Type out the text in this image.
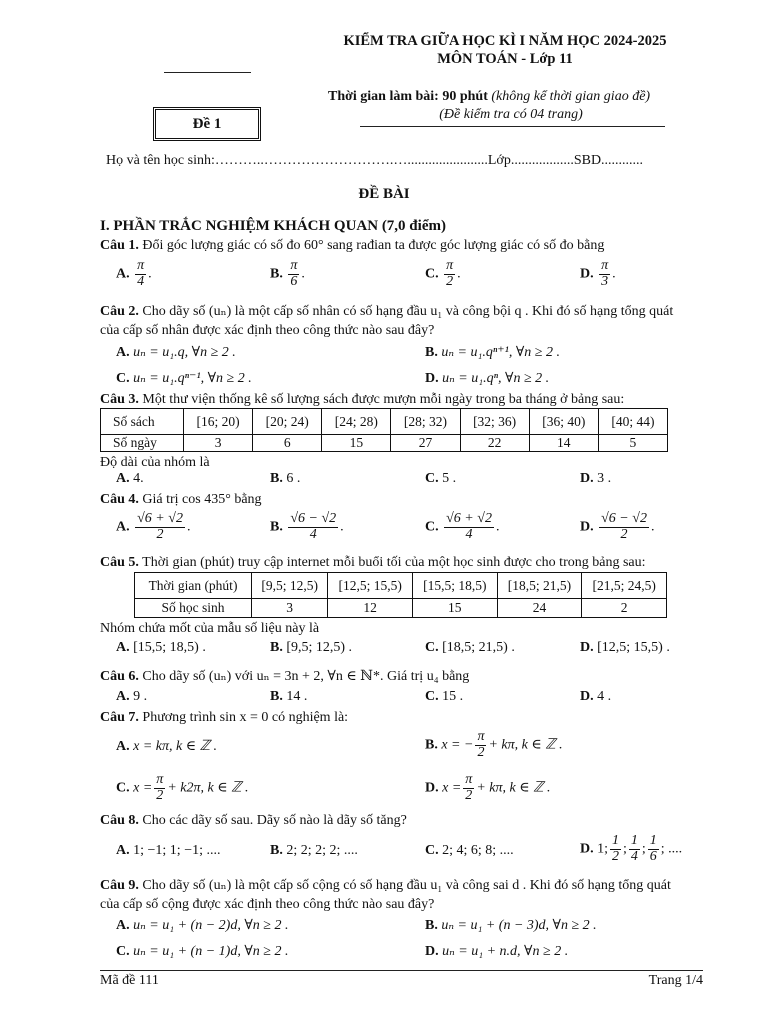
KIỂM TRA GIỮA HỌC KÌ I NĂM HỌC 2024-2025
MÔN TOÁN - Lớp 11
Thời gian làm bài: 90 phút (không kể thời gian giao đề)
(Đề kiểm tra có 04 trang)
Đề 1
Họ và tên học sinh:………..……………………….….......................Lớp..................SBD............
ĐỀ BÀI
I. PHẦN TRẮC NGHIỆM KHÁCH QUAN (7,0 điểm)
Câu 1. Đổi góc lượng giác có số đo 60° sang rađian ta được góc lượng giác có số đo bằng
A. $\frac{\pi}{4}$ .	B. $\frac{\pi}{6}$ .	C. $\frac{\pi}{2}$ .	D. $\frac{\pi}{3}$ .
Câu 2. Cho dãy số (uₙ) là một cấp số nhân có số hạng đầu u₁ và công bội q . Khi đó số hạng tổng quát
của cấp số nhân được xác định theo công thức nào sau đây?
A. uₙ = u₁.q, ∀n ≥ 2 .	B. uₙ = u₁.qⁿ⁺¹, ∀n ≥ 2 .
C. uₙ = u₁.qⁿ⁻¹, ∀n ≥ 2 .	D. uₙ = u₁.qⁿ, ∀n ≥ 2 .
Câu 3. Một thư viện thống kê số lượng sách được mượn mỗi ngày trong ba tháng ở bảng sau:
Số sách	[16; 20)	[20; 24)	[24; 28)	[28; 32)	[32; 36)	[36; 40)	[40; 44)
Số ngày	3	6	15	27	22	14	5
Độ dài của nhóm là
A. 4.	B. 6 .	C. 5 .	D. 3 .
Câu 4. Giá trị cos 435° bằng
A. $\frac{√6 + √2}{2}$ .	B. $\frac{√6 - √2}{4}$ .	C. $\frac{√6 + √2}{4}$ .	D. $\frac{√6 - √2}{2}$ .
Câu 5. Thời gian (phút) truy cập internet mỗi buổi tối của một học sinh được cho trong bảng sau:
Thời gian (phút)	[9,5; 12,5)	[12,5; 15,5)	[15,5; 18,5)	[18,5; 21,5)	[21,5; 24,5)
Số học sinh	3	12	15	24	2
Nhóm chứa mốt của mẫu số liệu này là
A. [15,5; 18,5) .	B. [9,5; 12,5) .	C. [18,5; 21,5) .	D. [12,5; 15,5) .
Câu 6. Cho dãy số (uₙ) với uₙ = 3n + 2, ∀n ∈ ℕ*. Giá trị u₄ bằng
A. 9 .	B. 14 .	C. 15 .	D. 4 .
Câu 7. Phương trình sin x = 0 có nghiệm là:
A. x = kπ, k ∈ ℤ .	B. x = − $\frac{\pi}{2} + k\pi$, k ∈ ℤ .
C. $x = \frac{\pi}{2} + k2\pi$, k ∈ ℤ .	D. $x = \frac{\pi}{2} + k\pi$, k ∈ ℤ .
Câu 8. Cho các dãy số sau. Dãy số nào là dãy số tăng?
A. 1; −1; 1; −1; ....	B. 2; 2; 2; 2; ....	C. 2; 4; 6; 8; ....	D. 1; $\frac{1}{2}$ ; $\frac{1}{4}$ ; $\frac{1}{6}$ ; ....
Câu 9. Cho dãy số (uₙ) là một cấp số cộng có số hạng đầu u₁ và công sai d . Khi đó số hạng tổng quát
của cấp số cộng được xác định theo công thức nào sau đây?
A. uₙ = u₁ + (n − 2)d, ∀n ≥ 2 .	B. uₙ = u₁ + (n − 3)d, ∀n ≥ 2 .
C. uₙ = u₁ + (n − 1)d, ∀n ≥ 2 .	D. uₙ = u₁ + n.d, ∀n ≥ 2 .
Mã đề 111	Trang 1/4
